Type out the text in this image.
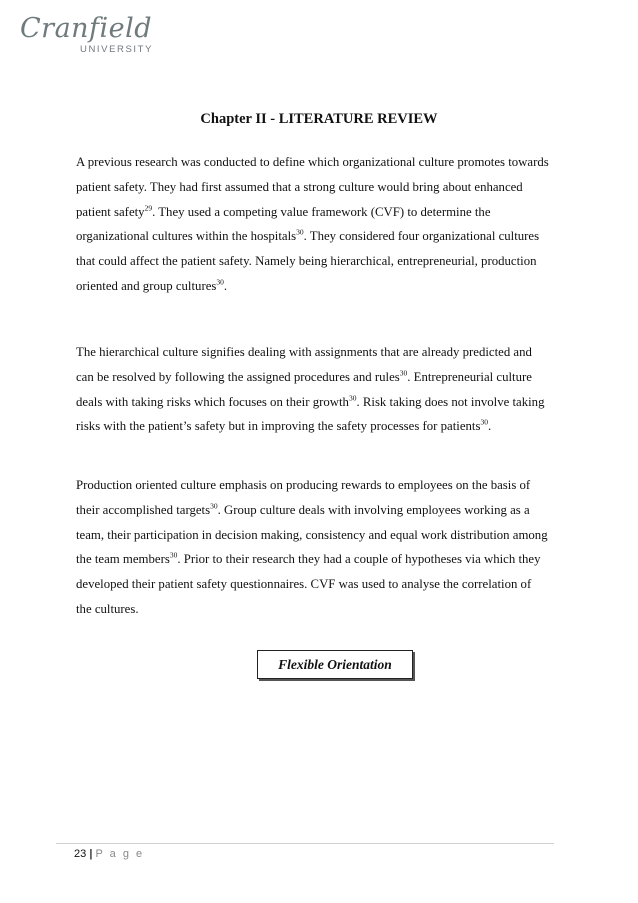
Cranfield
UNIVERSITY
Chapter II - LITERATURE REVIEW
A previous research was conducted to define which organizational culture promotes towards
patient safety. They had first assumed that a strong culture would bring about enhanced
patient safety$^{29}$. They used a competing value framework (CVF) to determine the
organizational cultures within the hospitals$^{30}$. They considered four organizational cultures
that could affect the patient safety. Namely being hierarchical, entrepreneurial, production
oriented and group cultures$^{30}$.
The hierarchical culture signifies dealing with assignments that are already predicted and
can be resolved by following the assigned procedures and rules$^{30}$. Entrepreneurial culture
deals with taking risks which focuses on their growth$^{30}$. Risk taking does not involve taking
risks with the patient’s safety but in improving the safety processes for patients$^{30}$.
Production oriented culture emphasis on producing rewards to employees on the basis of
their accomplished targets$^{30}$. Group culture deals with involving employees working as a
team, their participation in decision making, consistency and equal work distribution among
the team members$^{30}$. Prior to their research they had a couple of hypotheses via which they
developed their patient safety questionnaires. CVF was used to analyse the correlation of
the cultures.
Flexible Orientation
23 | P a g e
